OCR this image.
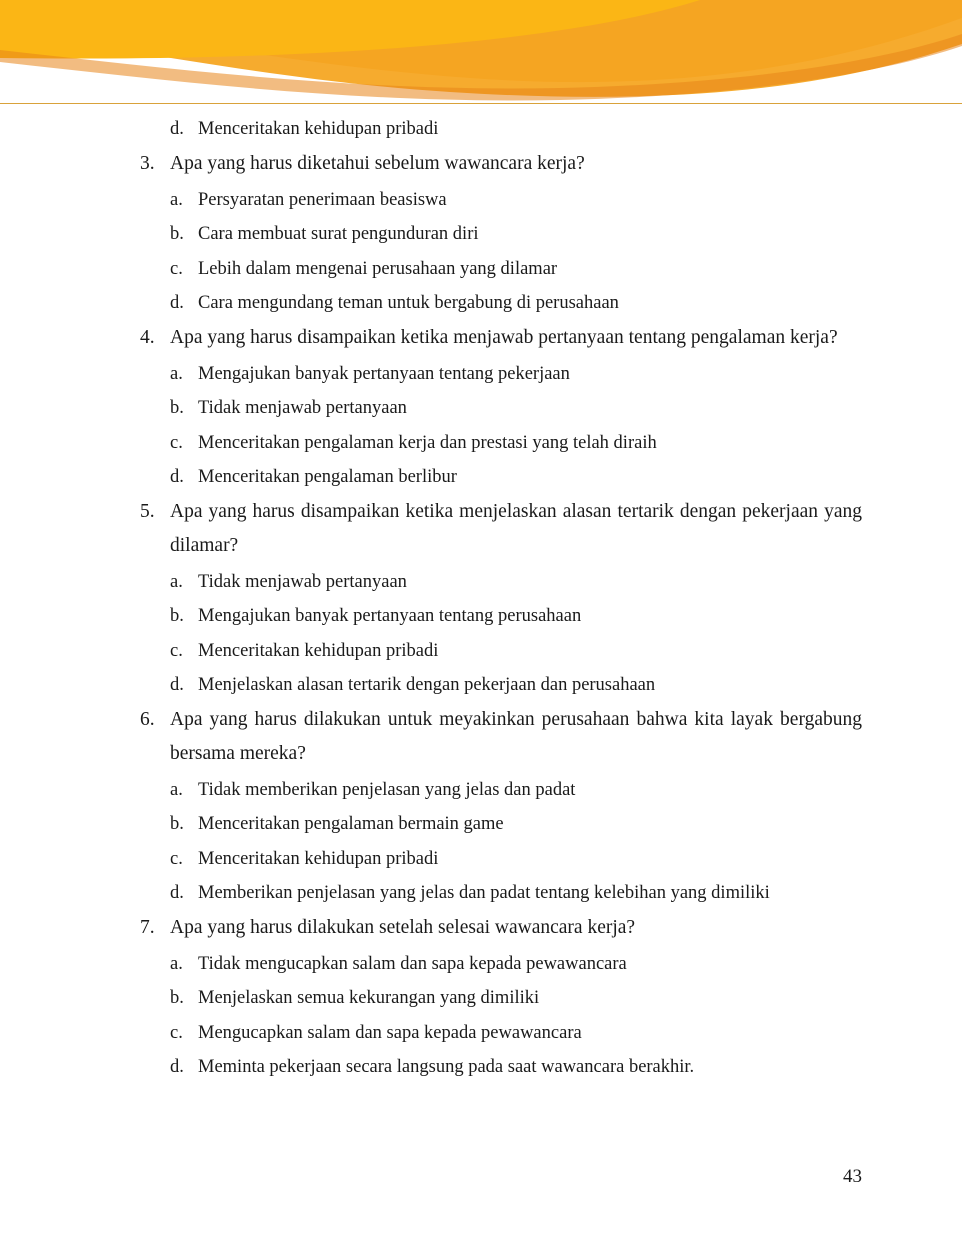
d. Menceritakan kehidupan pribadi
3. Apa yang harus diketahui sebelum wawancara kerja?
a. Persyaratan penerimaan beasiswa
b. Cara membuat surat pengunduran diri
c. Lebih dalam mengenai perusahaan yang dilamar
d. Cara mengundang teman untuk bergabung di perusahaan
4. Apa yang harus disampaikan ketika menjawab pertanyaan tentang pengalaman kerja?
a. Mengajukan banyak pertanyaan tentang pekerjaan
b. Tidak menjawab pertanyaan
c. Menceritakan pengalaman kerja dan prestasi yang telah diraih
d. Menceritakan pengalaman berlibur
5. Apa yang harus disampaikan ketika menjelaskan alasan tertarik dengan pekerjaan yang dilamar?
a. Tidak menjawab pertanyaan
b. Mengajukan banyak pertanyaan tentang perusahaan
c. Menceritakan kehidupan pribadi
d. Menjelaskan alasan tertarik dengan pekerjaan dan perusahaan
6. Apa yang harus dilakukan untuk meyakinkan perusahaan bahwa kita layak bergabung bersama mereka?
a. Tidak memberikan penjelasan yang jelas dan padat
b. Menceritakan pengalaman bermain game
c. Menceritakan kehidupan pribadi
d. Memberikan penjelasan yang jelas dan padat tentang kelebihan yang dimiliki
7. Apa yang harus dilakukan setelah selesai wawancara kerja?
a. Tidak mengucapkan salam dan sapa kepada pewawancara
b. Menjelaskan semua kekurangan yang dimiliki
c. Mengucapkan salam dan sapa kepada pewawancara
d. Meminta pekerjaan secara langsung pada saat wawancara berakhir.
43
